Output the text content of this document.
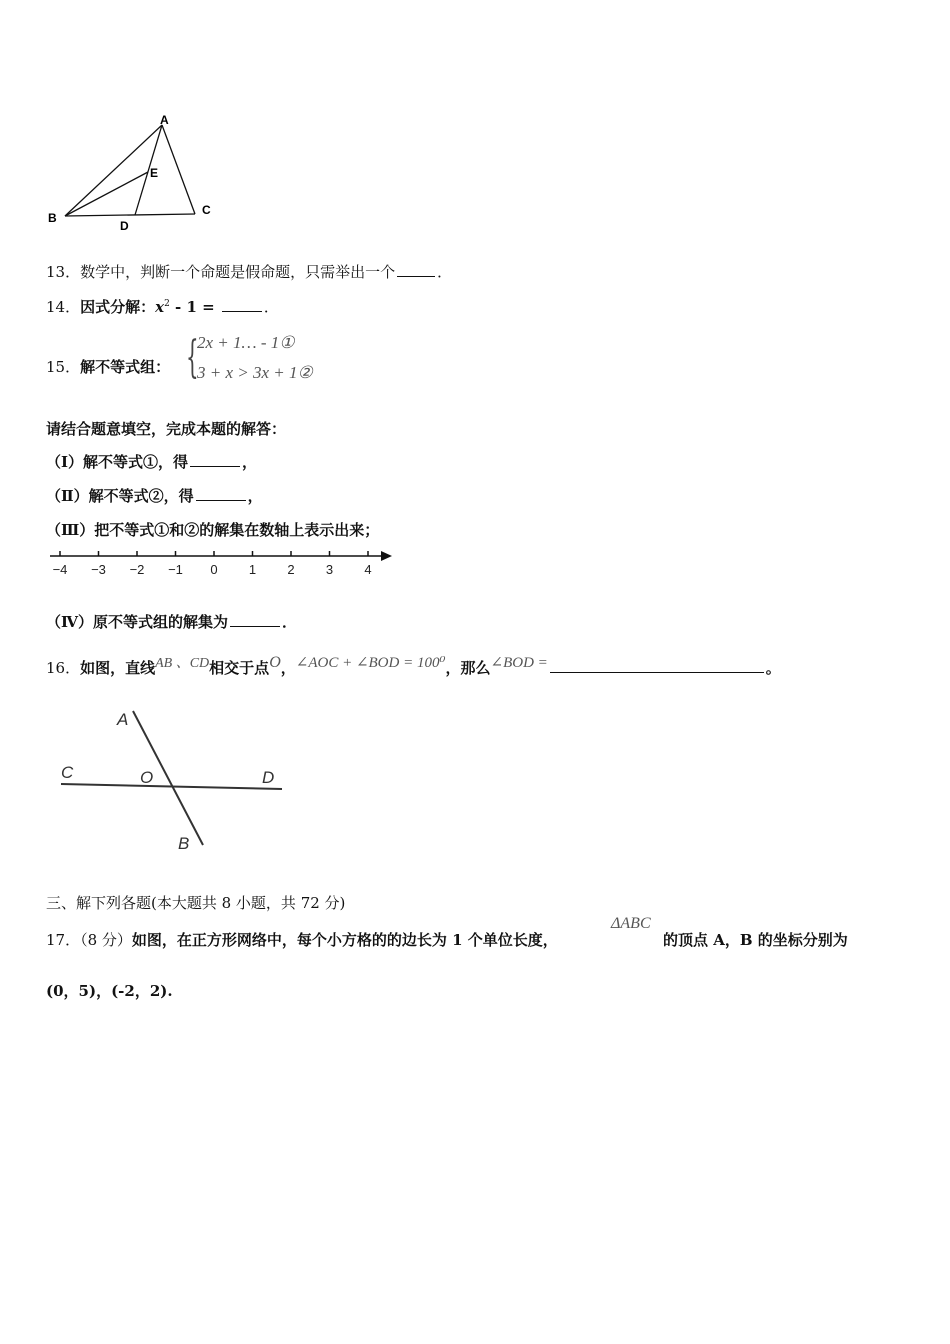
A
E
B
D
C
13．数学中，判断一个命题是假命题，只需举出一个	．
14．因式分解：$x^2 - 1$ =	．
15．解不等式组： {
2x + 1… - 1①
3 + x > 3x + 1②
请结合题意填空，完成本题的解答：
（Ⅰ）解不等式①，得	，
（Ⅱ）解不等式②，得	，
（Ⅲ）把不等式①和②的解集在数轴上表示出来；
−4 −3 −2 −1 0 1 2 3 4
（Ⅳ）原不等式组的解集为	．
16．如图，直线AB 、CD相交于点O，∠AOC + ∠BOD = 100⁰，那么∠BOD =	。
A
C	O	D
B
三、解下列各题(本大题共 8 小题，共 72 分)
17．（8 分）如图，在正方形网络中，每个小方格的的边长为 1 个单位长度，
ΔABC
的顶点 A，B 的坐标分别为
(0，5)，(-2，2).
